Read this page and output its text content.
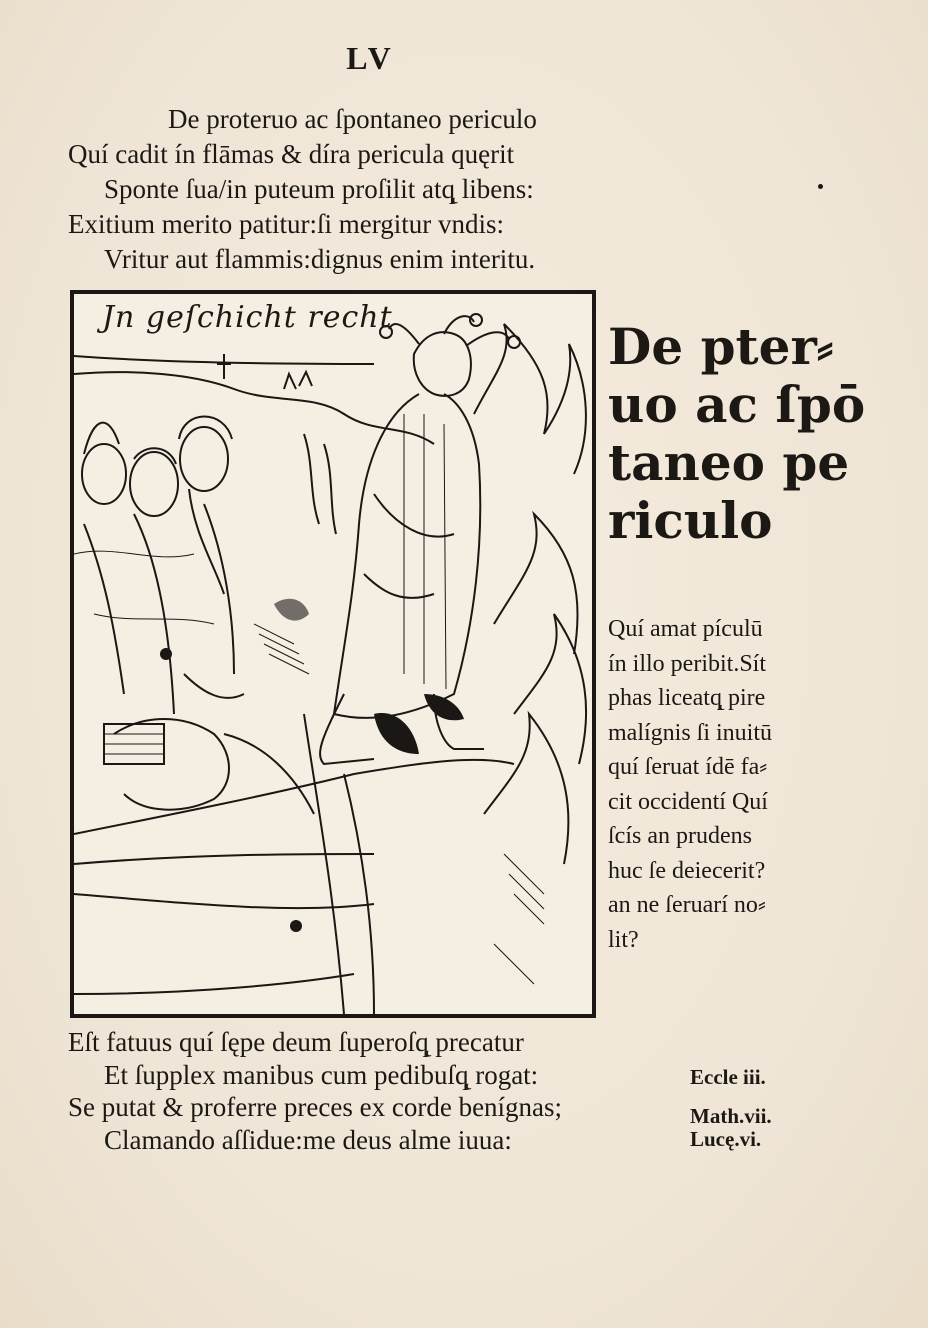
LV
De proteruo ac ſpontaneo periculo
Quí cadit ín flāmas & díra pericula quęrit
Sponte ſua/in puteum proſilit atq̨ libens:
Exitium merito patitur:ſi mergitur vndis:
Vritur aut flammis:dignus enim interitu.
Jn geſchicht recht	De pter⸗
uo ac ſpō
taneo pe
riculo
Quí amat pículū
ín illo peribit.Sít
phas liceatq̨ pire
malígnis ſi inuitū
quí ſeruat ídē fa⸗
cit occidentí Quí
ſcís an prudens
huc ſe deiecerit?
an ne ſeruarí no⸗
lit?
Eſt fatuus quí ſępe deum ſuperoſq̨ precatur
Et ſupplex manibus cum pedibuſq̨ rogat:
Se putat & proferre preces ex corde benígnas;
Clamando aſſidue:me deus alme iuua:
Eccle iii.
Math.vii.
Lucę.vi.
